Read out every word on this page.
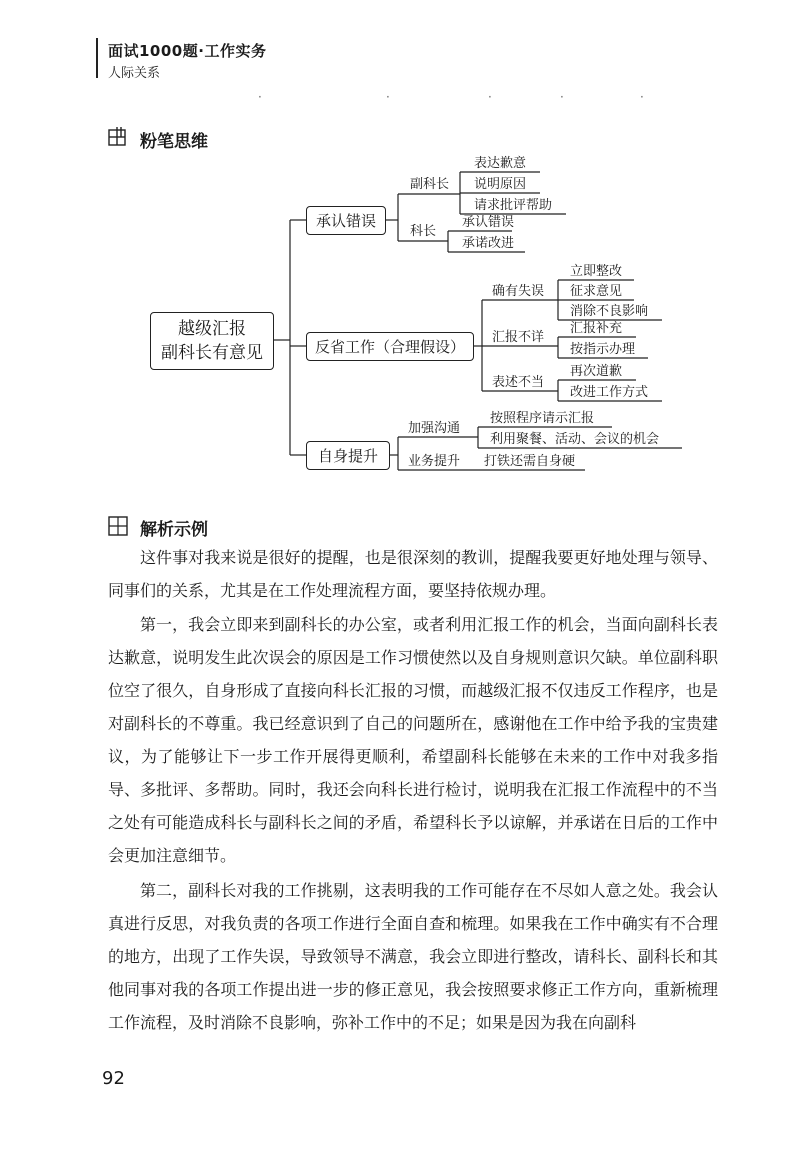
面试1000题·工作实务
人际关系
·	·	·	·	·
粉笔思维
越级汇报
副科长有意见
承认错误
反省工作（合理假设）
自身提升
副科长
科长
表达歉意
说明原因
请求批评帮助
承认错误
承诺改进
确有失误
汇报不详
表述不当
立即整改
征求意见
消除不良影响
汇报补充
按指示办理
再次道歉
改进工作方式
加强沟通
业务提升
按照程序请示汇报
利用聚餐、活动、会议的机会
打铁还需自身硬
解析示例

这件事对我来说是很好的提醒，也是很深刻的教训，提醒我要更好地处理与领导、同事们的关系，尤其是在工作处理流程方面，要坚持依规办理。

第一，我会立即来到副科长的办公室，或者利用汇报工作的机会，当面向副科长表达歉意，说明发生此次误会的原因是工作习惯使然以及自身规则意识欠缺。单位副科职位空了很久，自身形成了直接向科长汇报的习惯，而越级汇报不仅违反工作程序，也是对副科长的不尊重。我已经意识到了自己的问题所在，感谢他在工作中给予我的宝贵建议，为了能够让下一步工作开展得更顺利，希望副科长能够在未来的工作中对我多指导、多批评、多帮助。同时，我还会向科长进行检讨，说明我在汇报工作流程中的不当之处有可能造成科长与副科长之间的矛盾，希望科长予以谅解，并承诺在日后的工作中会更加注意细节。

第二，副科长对我的工作挑剔，这表明我的工作可能存在不尽如人意之处。我会认真进行反思，对我负责的各项工作进行全面自查和梳理。如果我在工作中确实有不合理的地方，出现了工作失误，导致领导不满意，我会立即进行整改，请科长、副科长和其他同事对我的各项工作提出进一步的修正意见，我会按照要求修正工作方向，重新梳理工作流程，及时消除不良影响，弥补工作中的不足；如果是因为我在向副科

92
